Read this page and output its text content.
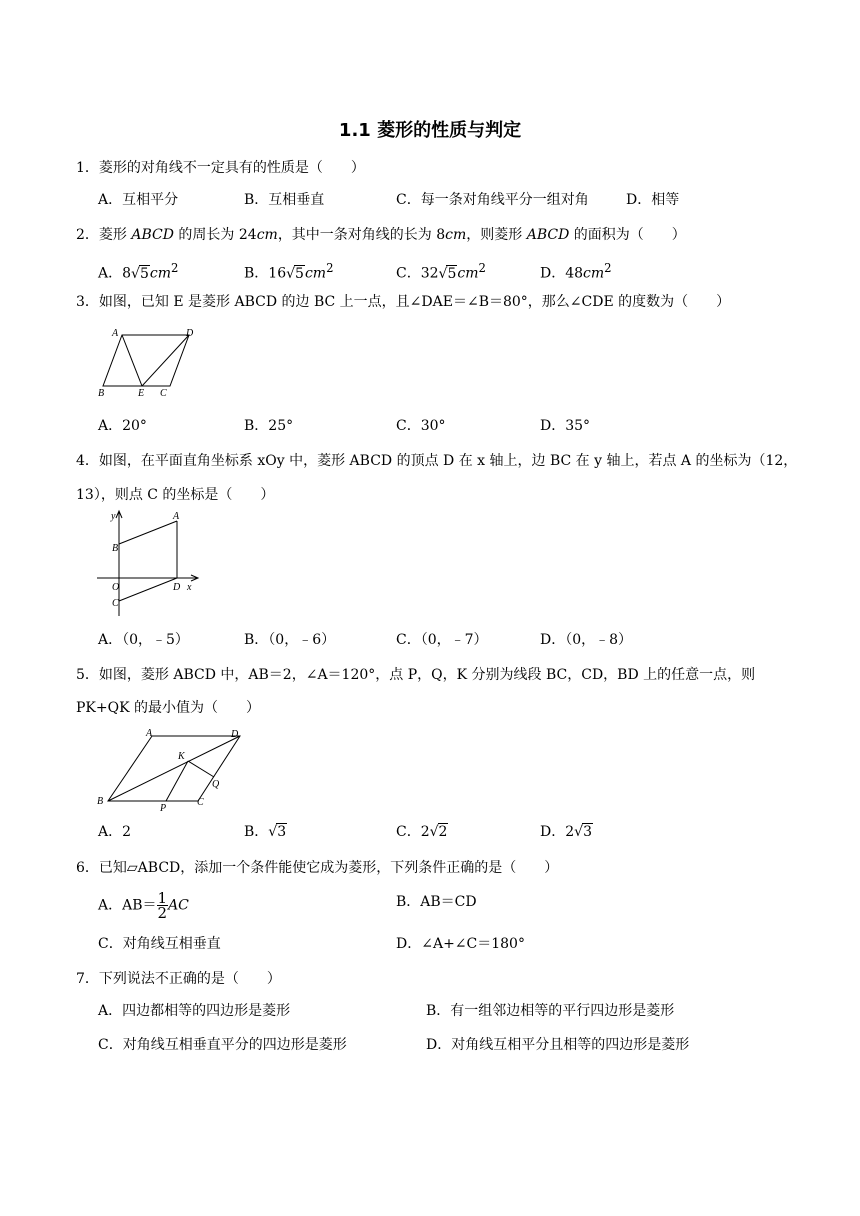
1.1 菱形的性质与判定
1．菱形的对角线不一定具有的性质是（　　）
A．互相平分	B．互相垂直	C．每一条对角线平分一组对角	D．相等
2．菱形 ABCD 的周长为 24cm，其中一条对角线的长为 8cm，则菱形 ABCD 的面积为（　　）
A．$8√5cm^2$	B．$16√5cm^2$	C．$32√5cm^2$	D．$48cm^2$
3．如图，已知 E 是菱形 ABCD 的边 BC 上一点，且∠DAE＝∠B＝80°，那么∠CDE 的度数为（　　）
A	D
B	E C
A．20°	B．25°	C．30°	D．35°
4．如图，在平面直角坐标系 xOy 中，菱形 ABCD 的顶点 D 在 x 轴上，边 BC 在 y 轴上，若点 A 的坐标为（12，
13），则点 C 的坐标是（　　）
y	A
B
O	D x
C
A．（0，﹣5）	B．（0，﹣6）	C．（0，﹣7）	D．（0，﹣8）
5．如图，菱形 ABCD 中，AB＝2，∠A＝120°，点 P，Q，K 分别为线段 BC，CD，BD 上的任意一点，则
PK+QK 的最小值为（　　）
A	D
K
Q
B
P
C
A．2	B．√3	C．2√2	D．2√3
6．已知▱ABCD，添加一个条件能使它成为菱形，下列条件正确的是（　　）
A．$AB= \frac{1}{2}$ AC	B．AB＝CD
C．对角线互相垂直	D．∠A+∠C＝180°
7．下列说法不正确的是（　　）
A．四边都相等的四边形是菱形	B．有一组邻边相等的平行四边形是菱形
C．对角线互相垂直平分的四边形是菱形	D．对角线互相平分且相等的四边形是菱形
